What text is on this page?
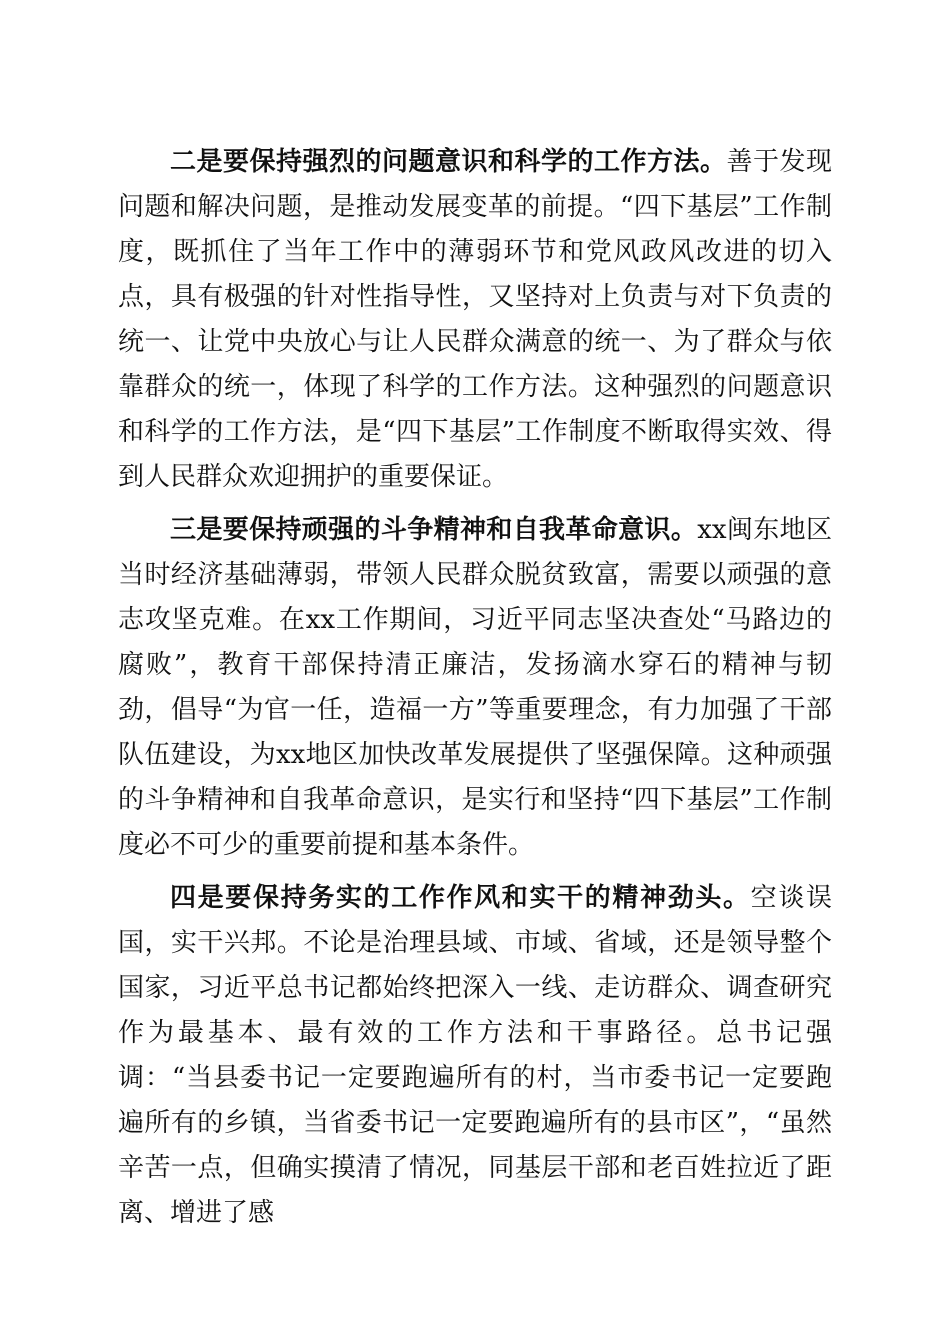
二是要保持强烈的问题意识和科学的工作方法。善于发现问题和解决问题，是推动发展变革的前提。“四下基层”工作制度，既抓住了当年工作中的薄弱环节和党风政风改进的切入点，具有极强的针对性指导性，又坚持对上负责与对下负责的统一、让党中央放心与让人民群众满意的统一、为了群众与依靠群众的统一，体现了科学的工作方法。这种强烈的问题意识和科学的工作方法，是“四下基层”工作制度不断取得实效、得到人民群众欢迎拥护的重要保证。

三是要保持顽强的斗争精神和自我革命意识。xx闽东地区当时经济基础薄弱，带领人民群众脱贫致富，需要以顽强的意志攻坚克难。在xx工作期间，习近平同志坚决查处“马路边的腐败”，教育干部保持清正廉洁，发扬滴水穿石的精神与韧劲，倡导“为官一任，造福一方”等重要理念，有力加强了干部队伍建设，为xx地区加快改革发展提供了坚强保障。这种顽强的斗争精神和自我革命意识，是实行和坚持“四下基层”工作制度必不可少的重要前提和基本条件。

四是要保持务实的工作作风和实干的精神劲头。空谈误国，实干兴邦。不论是治理县域、市域、省域，还是领导整个国家，习近平总书记都始终把深入一线、走访群众、调查研究作为最基本、最有效的工作方法和干事路径。总书记强调：“当县委书记一定要跑遍所有的村，当市委书记一定要跑遍所有的乡镇，当省委书记一定要跑遍所有的县市区”，“虽然辛苦一点，但确实摸清了情况，同基层干部和老百姓拉近了距离、增进了感
